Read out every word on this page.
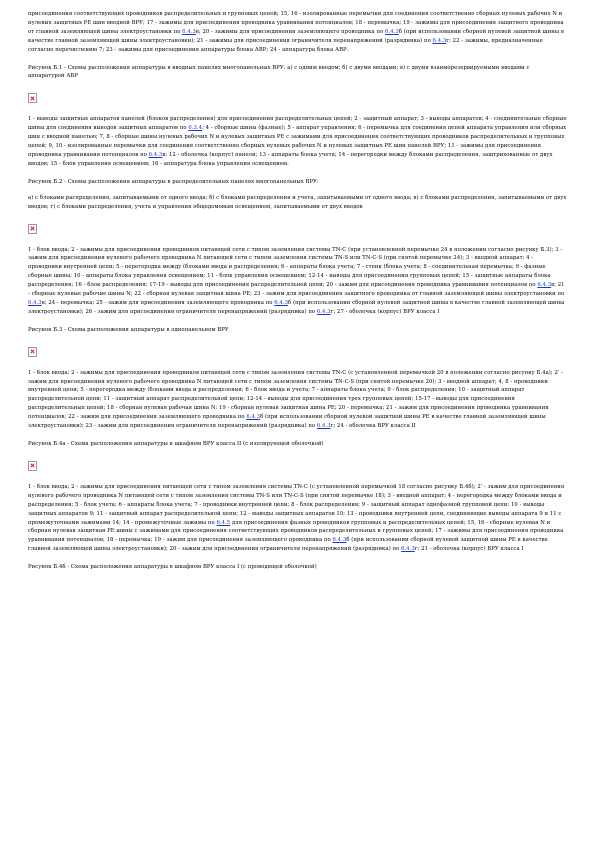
присоединения соответствующих проводников распределительных и групповых цепей; 15, 16 - изолированные перемычки для соединения соответственно сборных нулевых рабочих N и нулевых защитных PE шин вводной ВРУ; 17 - зажимы для присоединения проводника уравнивания потенциалов; 18 - перемычка; 19 - зажимы для присоединения защитного проводника от главной заземляющей шины электроустановки по 6.4.3в; 20 - зажимы для присоединения заземляющего проводника по 6.4.3б (при использовании сборной нулевой защитной шины в качестве главной заземляющей шины электроустановки); 21 - зажимы для присоединения ограничителя перенапряжений (разрядника) по 6.4.3г; 22 - зажимы, предназначенные согласно перечислению 7; 23 - зажимы для присоединения аппаратуры блока АВР; 24 - аппаратура блока АВР.

Рисунок Б.1 - Схемы расположения аппаратуры в вводных панелях многопанельных ВРУ: а) с одним вводом; б) с двумя вводами; в) с двумя взаиморезервируемыми вводами с аппаратурой АВР

1 - выводы защитных аппаратов панелей (блоков распределения) для присоединения распределительных цепей; 2 - защитный аппарат; 3 - выводы аппаратов; 4 - соединительные сборные шины для соединения выводов защитных аппаратов по 6.3.4; 4 - сборные шины (фазные); 5 - аппарат управления; 6 - перемычка для соединения цепей аппарата управления или сборных шин с вводной панелью; 7, 8 - сборные шины нулевых рабочих N и нулевых защитных PE с зажимами для присоединения соответствующих проводников распределительных и групповых цепей; 9, 10 - изолированные перемычки для соединения соответственно сборных нулевых рабочих N и нулевых защитных PE шин панелей ВРУ; 11 - зажимы для присоединения проводника уравнивания потенциалов по 6.4.3в; 12 - оболочка (корпус) панели; 13 - аппараты блока учета; 14 - перегородки между блоками распределения, заштрихованные от двух вводов; 15 - блок управления освещением; 16 - аппаратура блока управления освещением.

Рисунок Б.2 - Схемы расположения аппаратуры в распределительных панелях многопанельных ВРУ:

а) с блоками распределения, запитываемыми от одного ввода; б) с блоками распределения и учета, запитываемыми от одного ввода; в) с блоками распределения, запитываемыми от двух вводов; г) с блоками распределения, учета и управления общедомовым освещением, запитываемыми от двух вводов

1 - блок ввода; 2 - зажимы для присоединения проводников питающей сети с типом заземления системы TN-C (при установленной перемычке 24 в положении согласно рисунку Б.3); 3 - зажим для присоединения нулевого рабочего проводника N питающей сети с типом заземления системы TN-S или TN-C-S (при снятой перемычке 24); 3 - вводной аппарат; 4 - проводники внутренней цепи; 5 - перегородка между (блоками ввода и распределения; 6 - аппараты блока учета; 7 - стенк (блока учета; 8 - соединительная перемычка; 9 - фазные сборные шины; 10 - аппараты блока управления освещением; 11 - блок управления освещением; 12-14 - выводы для присоединения групповых цепей; 15 - защитные аппараты блока распределения; 16 - блок распределения; 17-19 - выводы для присоединения распределительной цепи; 20 - зажим для присоединения проводника уравнивания потенциалов по 6.4.3в; 21 - сборные нулевые рабочие шины N; 22 - сборная нулевая защитная шина PE; 23 - зажим для присоединения защитного проводника от главной заземляющей шины электроустановки по 6.4.3в; 24 - перемычка; 25 - зажим для присоединения заземляющего проводника по 6.4.3б (при использовании сборной нулевой защитной шины в качестве главной заземляющей шины электроустановки); 26 - зажим для присоединения ограничителя перенапряжений (разрядника) по 6.4.3г; 27 - оболочка (корпус) ВРУ класса I

Рисунок Б.3 - Схема расположения аппаратуры в однопанельном ВРУ

1 - блок ввода; 2 - зажимы для присоединения проводников питающей сети с типом заземления системы TN-C (с установленной перемычкой 20 в положении согласно рисунку Б.4а); 2' - зажим для присоединения нулевого рабочего проводника N питающей сети с типом заземления системы TN-C-S (при снятой перемычке 20); 3 - вводной аппарат; 4, 8 - проводники внутренней цепи; 5 - перегородка между (блоками ввода и распределения; 6 - блок ввода и учета; 7 - аппараты блока учета; 9 - блок распределения; 10 - защитный аппарат распределительной цепи; 11 - защитный аппарат распределительной цепи; 12-14 - выводы для присоединения трех групповых цепей; 15-17 - выводы для присоединения распределительных цепей; 18 - сборная нулевая рабочая шина N; 19 - сборная нулевая защитная шина PE; 20 - перемычка; 21 - зажим для присоединения проводника уравнивания потенциалов; 22 - зажим для присоединения заземляющего проводника по 6.4.3б (при использовании сборной нулевой защитной шины PE в качестве главной заземляющей шины электроустановки); 23 - зажим для присоединения ограничителя перенапряжений (разрядника) по 6.4.3г; 24 - оболочка ВРУ класса II

Рисунок Б.4а - Схема расположения аппаратуры в шкафном ВРУ класса II (с изолирующей оболочкой)

1 - блок ввода; 2 - зажимы для присоединения питающей сети с типом заземления системы TN-C (с установленной перемычкой 18 согласно рисунку Б.4б); 2' - зажим для присоединения нулевого рабочего проводника N питающей сети с типом заземления системы TN-S или TN-C-S (при снятой перемычке 18); 3 - вводной аппарат; 4 - перегородка между блоками ввода и распределения; 5 - блок учета; 6 - аппараты блока учета; 7 - проводники внутренней цепи; 8 - блок распределения; 9 - защитный аппарат однофазной групповой цепи; 10 - выводы защитных аппаратов 9; 11 - защитный аппарат распределительной цепи; 12 - выводы защитных аппаратов 10; 13 - проводники внутренней цепи, соединяющие выводы аппарата 9 и 11 с промежуточными зажимами 14; 14 - промежуточные зажимы по 6.4.5 для присоединения фазных проводников групповых и распределительных цепей; 15, 16 - сборные нулевая N и сборная нулевая защитная PE шины с зажимами для присоединения соответствующих проводников распределительных и групповых цепей; 17 - зажимы для присоединения проводника уравнивания потенциалов; 18 - перемычка; 19 - зажим для присоединения заземляющего проводника по 6.4.3б (при использовании сборной нулевой защитной шины PE в качестве главной заземляющей шины электроустановки); 20 - зажим для присоединения ограничителя перенапряжений (разрядника) по 6.4.3г; 21 - оболочка (корпус) ВРУ класса I

Рисунок Б.4б - Схема расположения аппаратуры в шкафном ВРУ класса I (с проводящей оболочкой)
